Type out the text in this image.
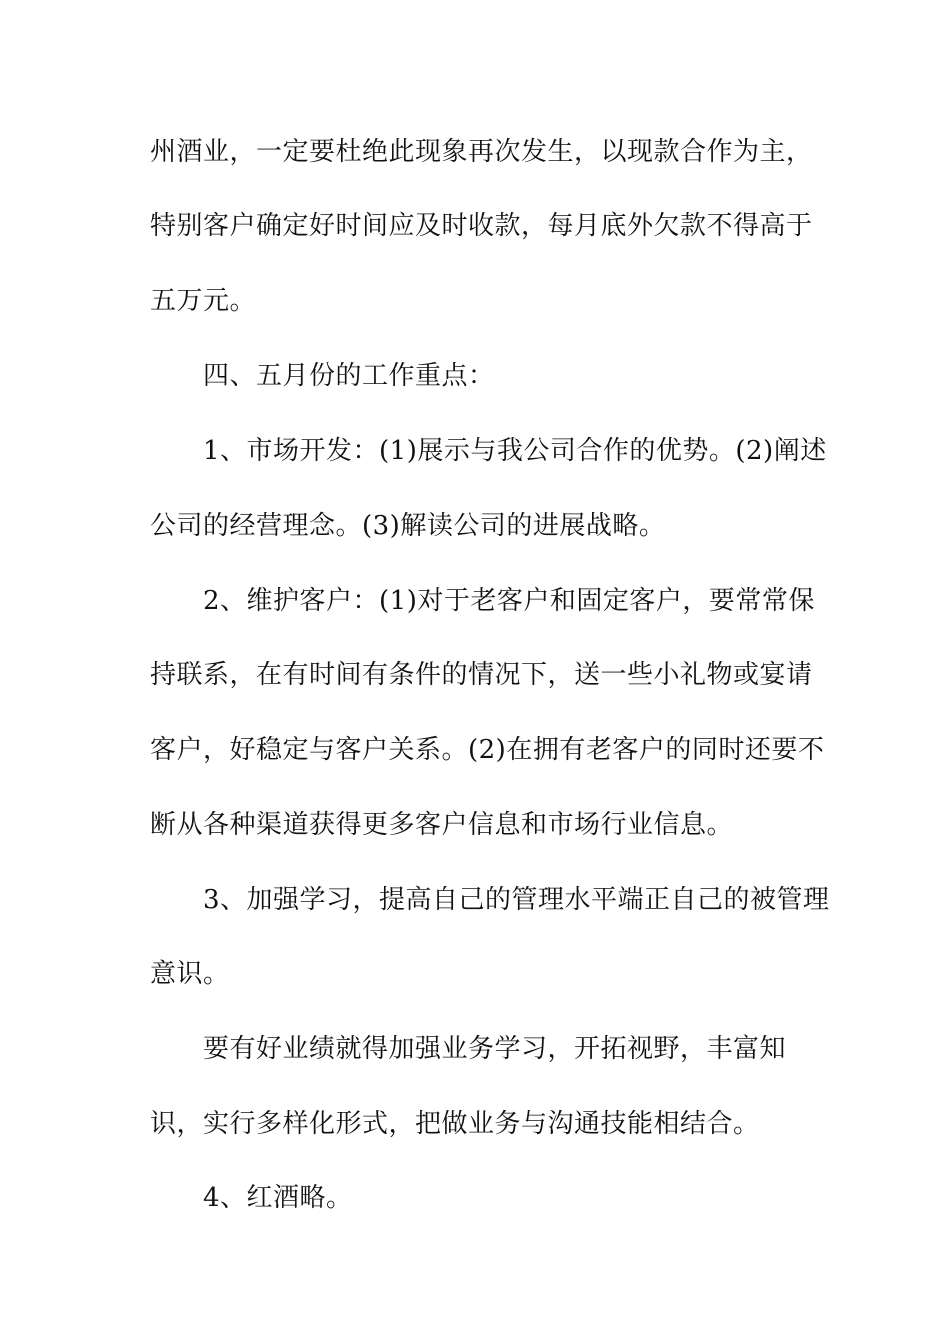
州酒业，一定要杜绝此现象再次发生，以现款合作为主，
特别客户确定好时间应及时收款，每月底外欠款不得高于
五万元。
四、五月份的工作重点：
1、市场开发：(1)展示与我公司合作的优势。(2)阐述
公司的经营理念。(3)解读公司的进展战略。
2、维护客户：(1)对于老客户和固定客户，要常常保
持联系，在有时间有条件的情况下，送一些小礼物或宴请
客户，好稳定与客户关系。(2)在拥有老客户的同时还要不
断从各种渠道获得更多客户信息和市场行业信息。
3、加强学习，提高自己的管理水平端正自己的被管理
意识。
要有好业绩就得加强业务学习，开拓视野，丰富知
识，实行多样化形式，把做业务与沟通技能相结合。
4、红酒略。
